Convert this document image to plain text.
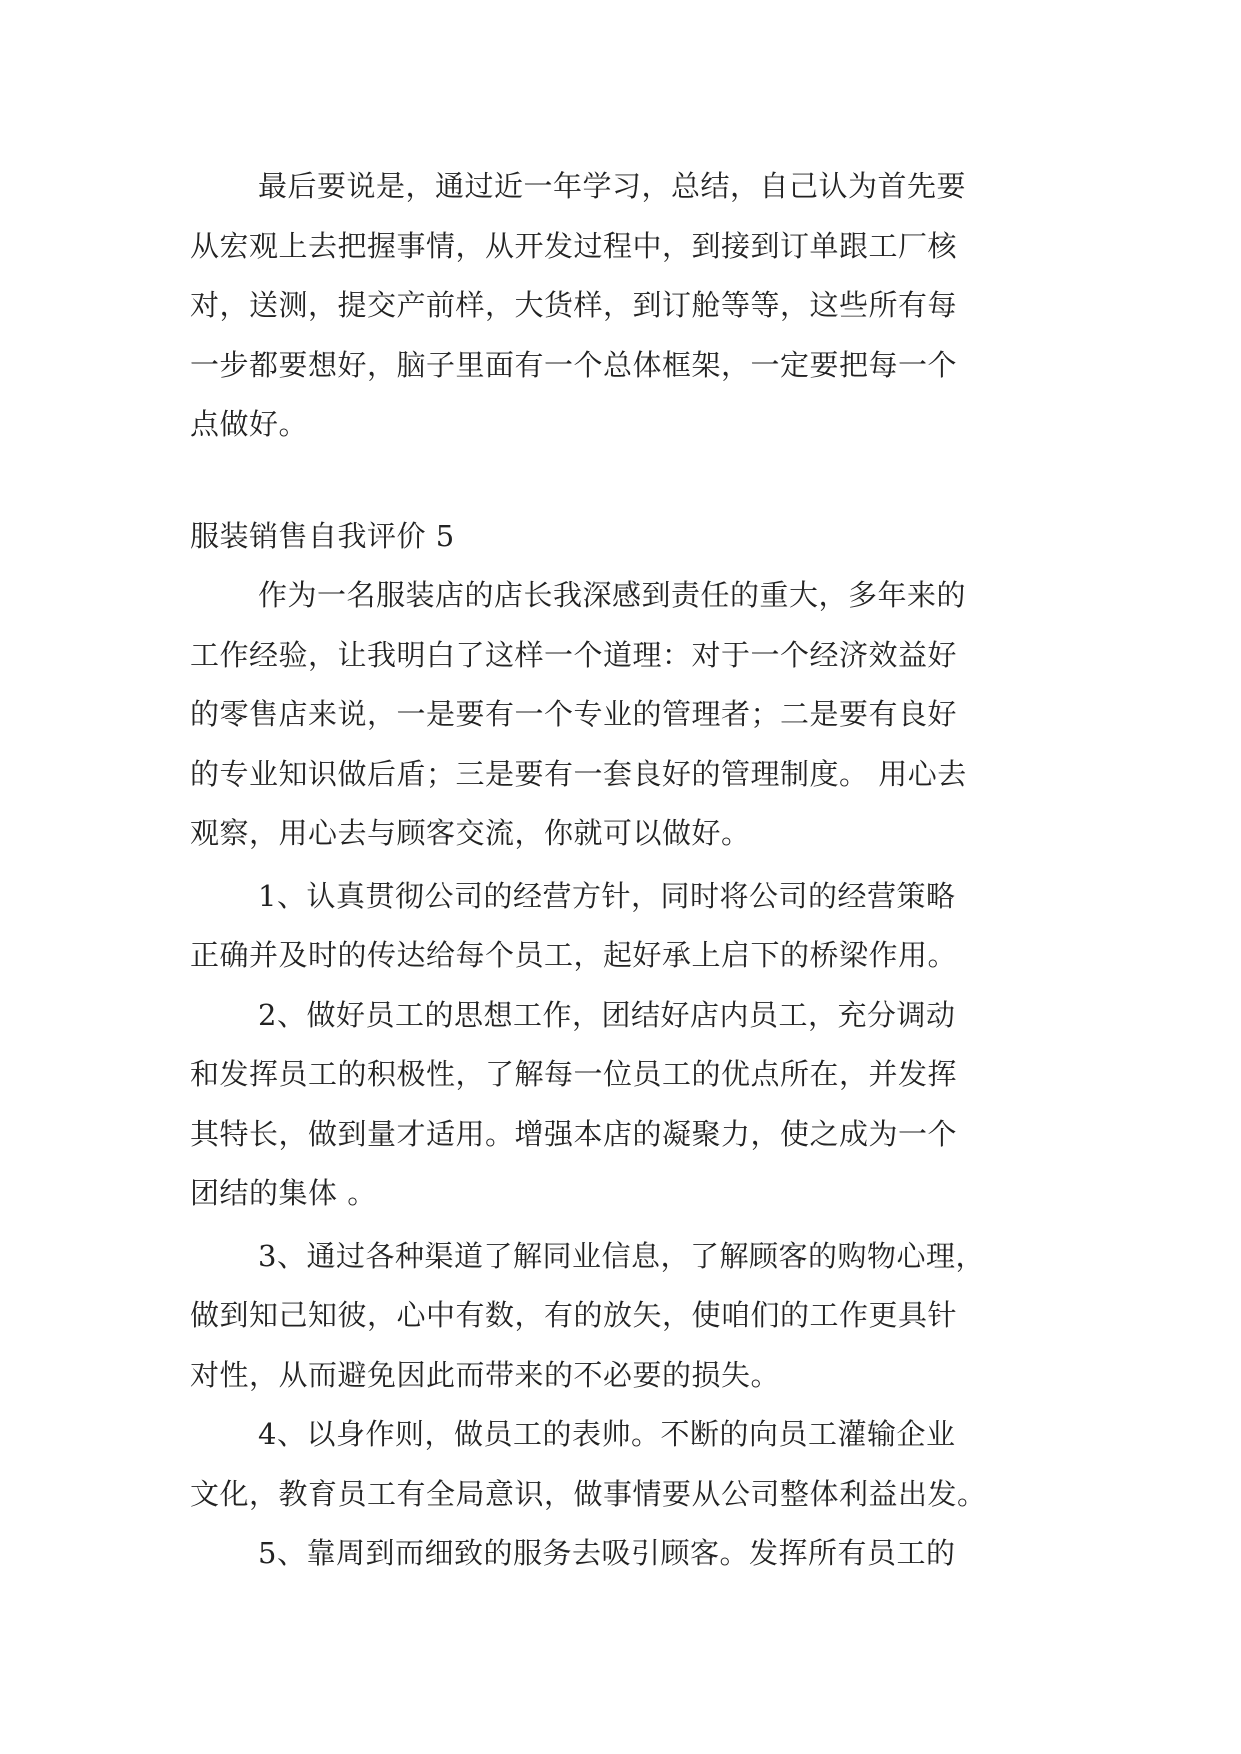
最后要说是，通过近一年学习，总结，自己认为首先要

从宏观上去把握事情，从开发过程中，到接到订单跟工厂核

对，送测，提交产前样，大货样，到订舱等等，这些所有每

一步都要想好，脑子里面有一个总体框架，一定要把每一个

点做好。

服装销售自我评价 5

作为一名服装店的店长我深感到责任的重大，多年来的

工作经验，让我明白了这样一个道理：对于一个经济效益好

的零售店来说，一是要有一个专业的管理者；二是要有良好

的专业知识做后盾；三是要有一套良好的管理制度。 用心去

观察，用心去与顾客交流，你就可以做好。

1、认真贯彻公司的经营方针，同时将公司的经营策略

正确并及时的传达给每个员工，起好承上启下的桥梁作用。

2、做好员工的思想工作，团结好店内员工，充分调动

和发挥员工的积极性，了解每一位员工的优点所在，并发挥

其特长，做到量才适用。增强本店的凝聚力，使之成为一个

团结的集体 。

3、通过各种渠道了解同业信息，了解顾客的购物心理，

做到知己知彼，心中有数，有的放矢，使咱们的工作更具针

对性，从而避免因此而带来的不必要的损失。

4、以身作则，做员工的表帅。不断的向员工灌输企业

文化，教育员工有全局意识，做事情要从公司整体利益出发。

5、靠周到而细致的服务去吸引顾客。发挥所有员工的
